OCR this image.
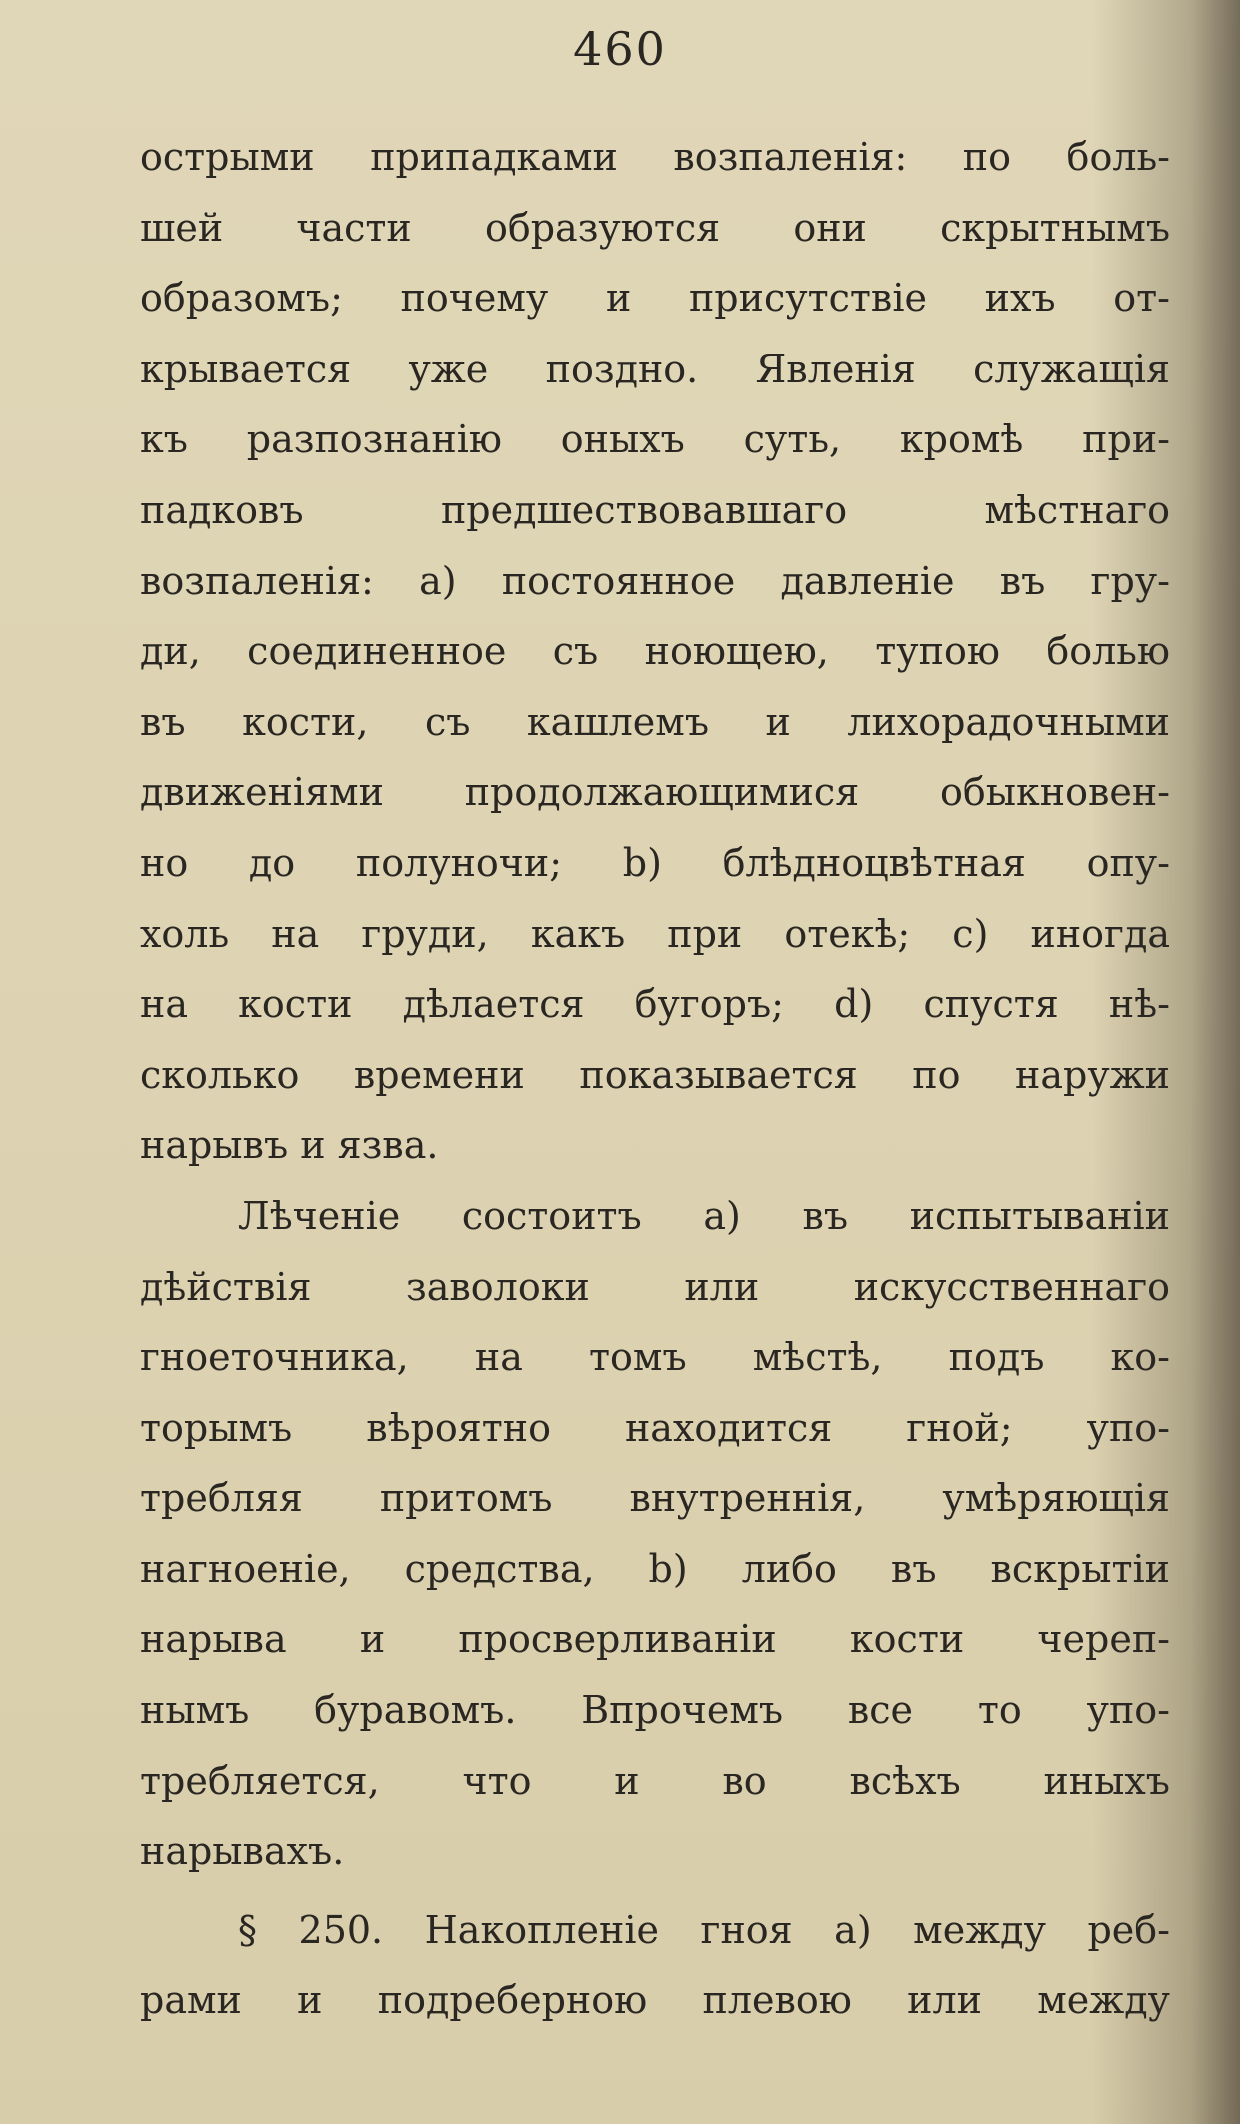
460
острыми припадками возпаленія: по боль-
шей части образуются они скрытнымъ
образомъ; почему и присутствіе ихъ от-
крывается уже поздно. Явленія служащія
къ разпознанію оныхъ суть, кромѣ при-
падковъ предшествовавшаго мѣстнаго
возпаленія: a) постоянное давленіе въ гру-
ди, соединенное съ ноющею, тупою болью
въ кости, съ кашлемъ и лихорадочными
движеніями продолжающимися обыкновен-
но до полуночи; b) блѣдноцвѣтная опу-
холь на груди, какъ при отекѣ; c) иногда
на кости дѣлается бугоръ; d) спустя нѣ-
сколько времени показывается по наружи
нарывъ и язва.
Лѣченіе состоитъ a) въ испытываніи
дѣйствія заволоки или искусственнаго
гноеточника, на томъ мѣстѣ, подъ ко-
торымъ вѣроятно находится гной; упо-
требляя притомъ внутреннія, умѣряющія
нагноеніе, средства, b) либо въ вскрытіи
нарыва и просверливаніи кости череп-
нымъ буравомъ. Впрочемъ все то упо-
требляется, что и во всѣхъ иныхъ
нарывахъ.
§ 250. Накопленіе гноя a) между реб-
рами и подреберною плевою или между
